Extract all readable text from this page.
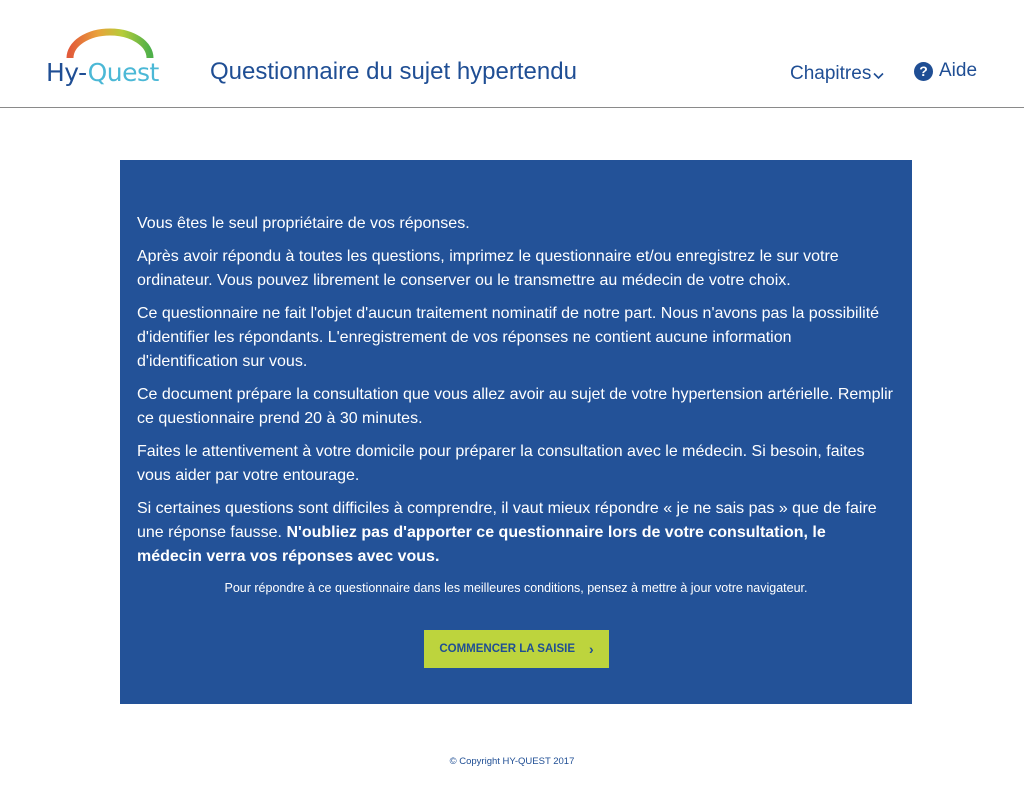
Hy-Quest Questionnaire du sujet hypertendu	Chapitres	? Aide

Vous êtes le seul propriétaire de vos réponses.

Après avoir répondu à toutes les questions, imprimez le questionnaire et/ou enregistrez le sur votre ordinateur. Vous pouvez librement le conserver ou le transmettre au médecin de votre choix.

Ce questionnaire ne fait l'objet d'aucun traitement nominatif de notre part. Nous n'avons pas la possibilité d'identifier les répondants. L'enregistrement de vos réponses ne contient aucune information d'identification sur vous.

Ce document prépare la consultation que vous allez avoir au sujet de votre hypertension artérielle. Remplir ce questionnaire prend 20 à 30 minutes.

Faites le attentivement à votre domicile pour préparer la consultation avec le médecin. Si besoin, faites vous aider par votre entourage.

Si certaines questions sont difficiles à comprendre, il vaut mieux répondre « je ne sais pas » que de faire une réponse fausse. N'oubliez pas d'apporter ce questionnaire lors de votre consultation, le médecin verra vos réponses avec vous.

Pour répondre à ce questionnaire dans les meilleures conditions, pensez à mettre à jour votre navigateur.
COMMENCER LA SAISIE ›
© Copyright HY-QUEST 2017
